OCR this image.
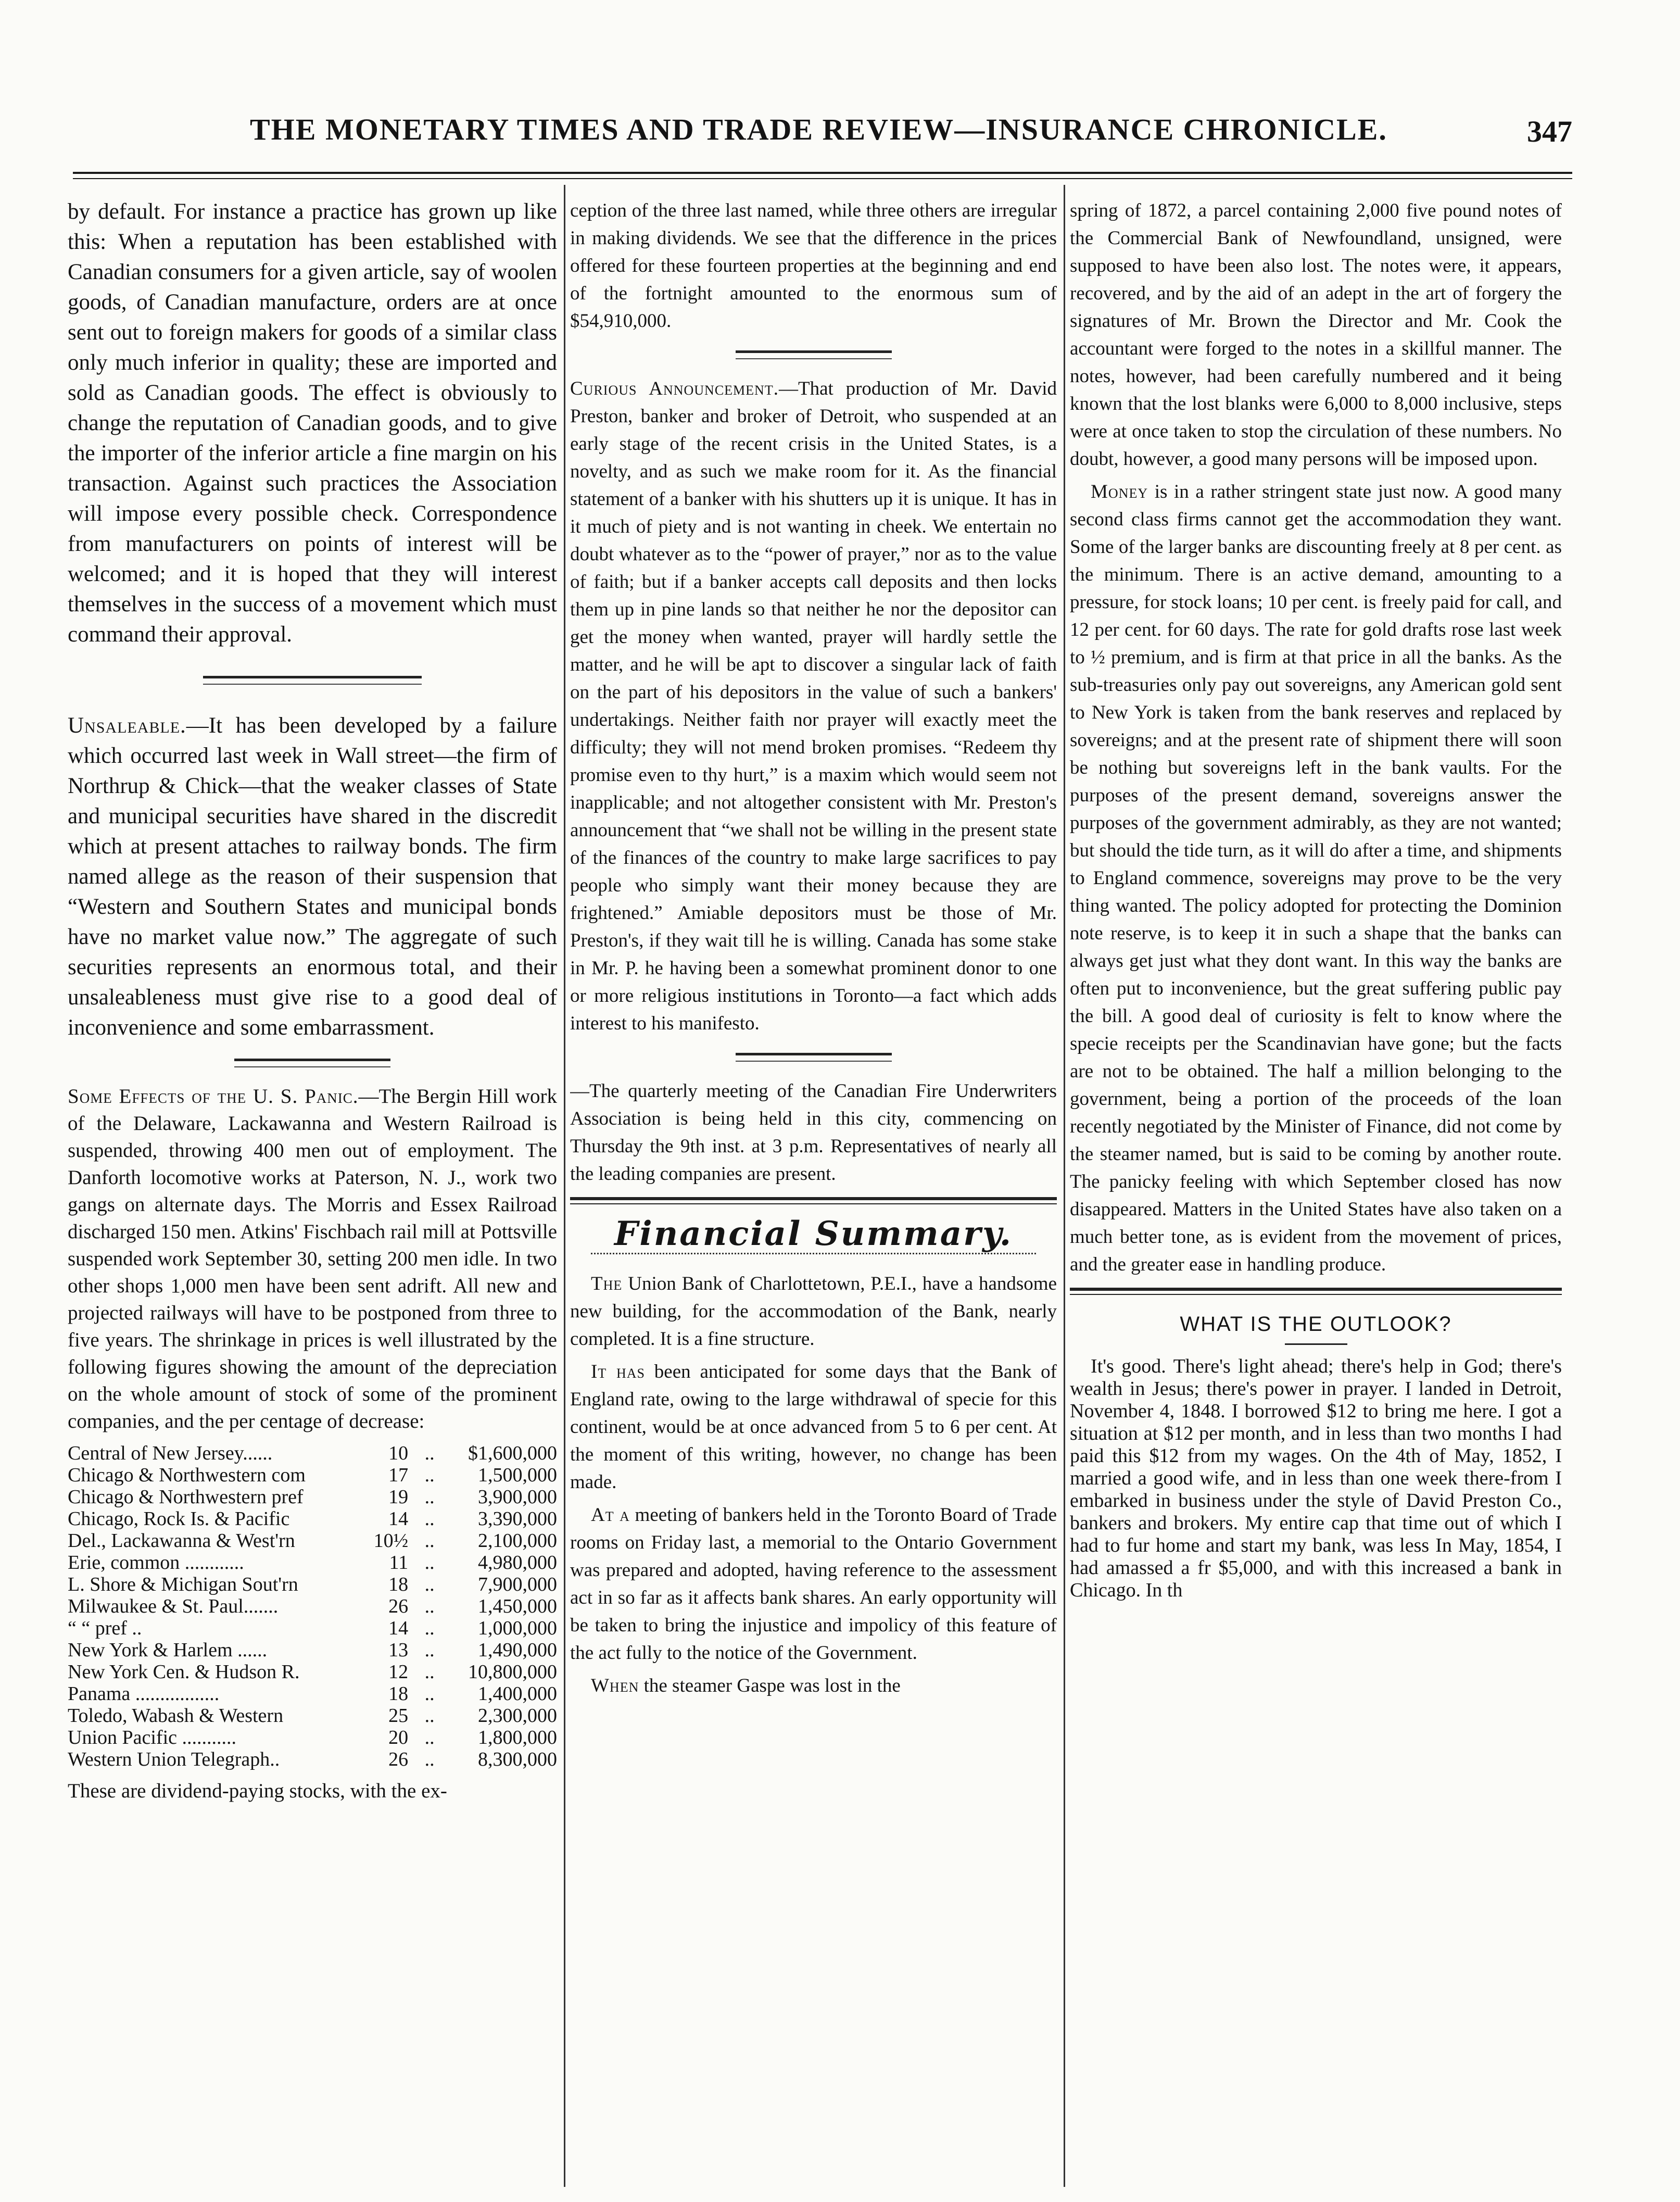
THE MONETARY TIMES AND TRADE REVIEW—INSURANCE CHRONICLE.	347

by default. For instance a practice has grown up like this: When a reputation has been established with Canadian consumers for a given article, say of woolen goods, of Canadian manufacture, orders are at once sent out to foreign makers for goods of a similar class only much inferior in quality; these are imported and sold as Canadian goods. The effect is obviously to change the reputation of Canadian goods, and to give the importer of the inferior article a fine margin on his transaction. Against such practices the Association will impose every possible check. Correspondence from manufacturers on points of interest will be welcomed; and it is hoped that they will interest themselves in the success of a movement which must command their approval.

Unsaleable.—It has been developed by a failure which occurred last week in Wall street—the firm of Northrup & Chick—that the weaker classes of State and municipal securities have shared in the discredit which at present attaches to railway bonds. The firm named allege as the reason of their suspension that “Western and Southern States and municipal bonds have no market value now.” The aggregate of such securities represents an enormous total, and their unsaleableness must give rise to a good deal of inconvenience and some embarrassment.

Some Effects of the U. S. Panic.—The Bergin Hill work of the Delaware, Lackawanna and Western Railroad is suspended, throwing 400 men out of employment. The Danforth locomotive works at Paterson, N. J., work two gangs on alternate days. The Morris and Essex Railroad discharged 150 men. Atkins' Fischbach rail mill at Pottsville suspended work September 30, setting 200 men idle. In two other shops 1,000 men have been sent adrift. All new and projected railways will have to be postponed from three to five years. The shrinkage in prices is well illustrated by the following figures showing the amount of the depreciation on the whole amount of stock of some of the prominent companies, and the per centage of decrease:

Central of New Jersey......	10	..	$1,600,000
Chicago & Northwestern com	17	..	1,500,000
Chicago & Northwestern pref	19	..	3,900,000
Chicago, Rock Is. & Pacific	14	..	3,390,000
Del., Lackawanna & West'rn	10½	..	2,100,000
Erie, common ............	11	..	4,980,000
L. Shore & Michigan Sout'rn	18	..	7,900,000
Milwaukee & St. Paul.......	26	..	1,450,000
“ “ pref ..	14	..	1,000,000
New York & Harlem ......	13	..	1,490,000
New York Cen. & Hudson R.	12	..	10,800,000
Panama .................	18	..	1,400,000
Toledo, Wabash & Western	25	..	2,300,000
Union Pacific ...........	20	..	1,800,000
Western Union Telegraph..	26	..	8,300,000

These are dividend-paying stocks, with the ex-

ception of the three last named, while three others are irregular in making dividends. We see that the difference in the prices offered for these fourteen properties at the beginning and end of the fortnight amounted to the enormous sum of $54,910,000.

Curious Announcement.—That production of Mr. David Preston, banker and broker of Detroit, who suspended at an early stage of the recent crisis in the United States, is a novelty, and as such we make room for it. As the financial statement of a banker with his shutters up it is unique. It has in it much of piety and is not wanting in cheek. We entertain no doubt whatever as to the “power of prayer,” nor as to the value of faith; but if a banker accepts call deposits and then locks them up in pine lands so that neither he nor the depositor can get the money when wanted, prayer will hardly settle the matter, and he will be apt to discover a singular lack of faith on the part of his depositors in the value of such a bankers' undertakings. Neither faith nor prayer will exactly meet the difficulty; they will not mend broken promises. “Redeem thy promise even to thy hurt,” is a maxim which would seem not inapplicable; and not altogether consistent with Mr. Preston's announcement that “we shall not be willing in the present state of the finances of the country to make large sacrifices to pay people who simply want their money because they are frightened.” Amiable depositors must be those of Mr. Preston's, if they wait till he is willing. Canada has some stake in Mr. P. he having been a somewhat prominent donor to one or more religious institutions in Toronto—a fact which adds interest to his manifesto.

—The quarterly meeting of the Canadian Fire Underwriters Association is being held in this city, commencing on Thursday the 9th inst. at 3 p.m. Representatives of nearly all the leading companies are present.

Financial Summary.

The Union Bank of Charlottetown, P.E.I., have a handsome new building, for the accommodation of the Bank, nearly completed. It is a fine structure.

It has been anticipated for some days that the Bank of England rate, owing to the large withdrawal of specie for this continent, would be at once advanced from 5 to 6 per cent. At the moment of this writing, however, no change has been made.

At a meeting of bankers held in the Toronto Board of Trade rooms on Friday last, a memorial to the Ontario Government was prepared and adopted, having reference to the assessment act in so far as it affects bank shares. An early opportunity will be taken to bring the injustice and impolicy of this feature of the act fully to the notice of the Government.

When the steamer Gaspe was lost in the

spring of 1872, a parcel containing 2,000 five pound notes of the Commercial Bank of Newfoundland, unsigned, were supposed to have been also lost. The notes were, it appears, recovered, and by the aid of an adept in the art of forgery the signatures of Mr. Brown the Director and Mr. Cook the accountant were forged to the notes in a skillful manner. The notes, however, had been carefully numbered and it being known that the lost blanks were 6,000 to 8,000 inclusive, steps were at once taken to stop the circulation of these numbers. No doubt, however, a good many persons will be imposed upon.

Money is in a rather stringent state just now. A good many second class firms cannot get the accommodation they want. Some of the larger banks are discounting freely at 8 per cent. as the minimum. There is an active demand, amounting to a pressure, for stock loans; 10 per cent. is freely paid for call, and 12 per cent. for 60 days. The rate for gold drafts rose last week to ½ premium, and is firm at that price in all the banks. As the sub-treasuries only pay out sovereigns, any American gold sent to New York is taken from the bank reserves and replaced by sovereigns; and at the present rate of shipment there will soon be nothing but sovereigns left in the bank vaults. For the purposes of the present demand, sovereigns answer the purposes of the government admirably, as they are not wanted; but should the tide turn, as it will do after a time, and shipments to England commence, sovereigns may prove to be the very thing wanted. The policy adopted for protecting the Dominion note reserve, is to keep it in such a shape that the banks can always get just what they dont want. In this way the banks are often put to inconvenience, but the great suffering public pay the bill. A good deal of curiosity is felt to know where the specie receipts per the Scandinavian have gone; but the facts are not to be obtained. The half a million belonging to the government, being a portion of the proceeds of the loan recently negotiated by the Minister of Finance, did not come by the steamer named, but is said to be coming by another route. The panicky feeling with which September closed has now disappeared. Matters in the United States have also taken on a much better tone, as is evident from the movement of prices, and the greater ease in handling produce.

WHAT IS THE OUTLOOK?

It's good. There's light ahead; there's help in God; there's wealth in Jesus; there's power in prayer. I landed in Detroit, November 4, 1848. I borrowed $12 to bring me here. I got a situation at $12 per month, and in less than two months I had paid this $12 from my wages. On the 4th of May, 1852, I married a good wife, and in less than one week there-from I embarked in business under the style of David Preston Co., bankers and brokers. My entire cap that time out of which I had to fur home and start my bank, was less In May, 1854, I had amassed a fr $5,000, and with this increased a bank in Chicago. In th
